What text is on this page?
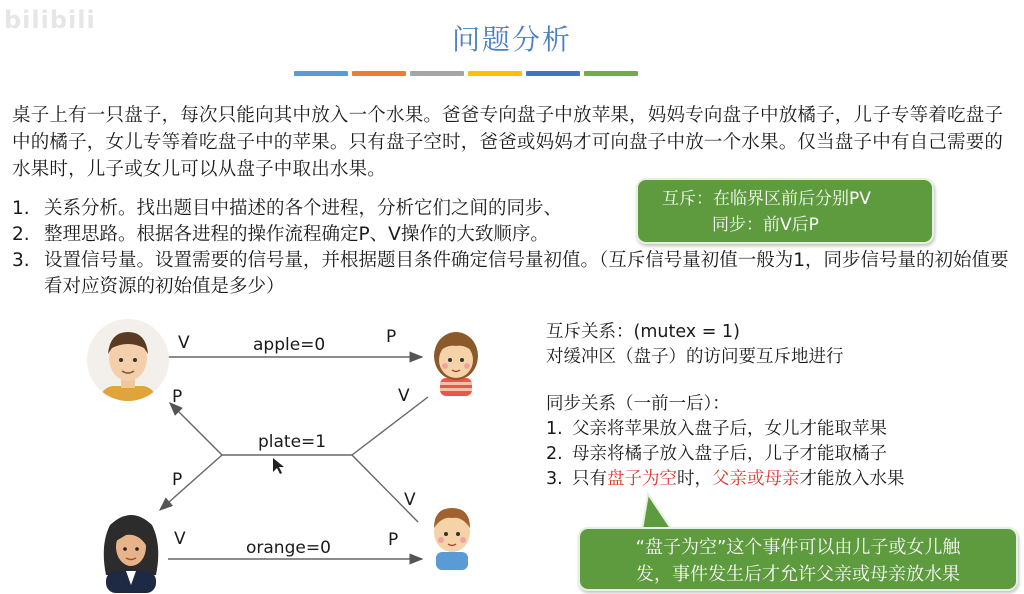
bilibili
问题分析
桌子上有一只盘子，每次只能向其中放入一个水果。爸爸专向盘子中放苹果，妈妈专向盘子中放橘子，儿子专等着吃盘子中的橘子，女儿专等着吃盘子中的苹果。只有盘子空时，爸爸或妈妈才可向盘子中放一个水果。仅当盘子中有自己需要的水果时，儿子或女儿可以从盘子中取出水果。
1. 关系分析。找出题目中描述的各个进程，分析它们之间的同步、
2. 整理思路。根据各进程的操作流程确定P、V操作的大致顺序。
3. 设置信号量。设置需要的信号量，并根据题目条件确定信号量初值。（互斥信号量初值一般为1，同步信号量的初始值要看对应资源的初始值是多少）
互斥：在临界区前后分别PV
同步：前V后P
V	P
apple=0
P	V
plate=1
P
V
V	P
orange=0
互斥关系：(mutex = 1)
对缓冲区（盘子）的访问要互斥地进行
同步关系（一前一后）：
1. 父亲将苹果放入盘子后，女儿才能取苹果
2. 母亲将橘子放入盘子后，儿子才能取橘子
3. 只有盘子为空时，父亲或母亲才能放入水果
“盘子为空”这个事件可以由儿子或女儿触
发，事件发生后才允许父亲或母亲放水果
